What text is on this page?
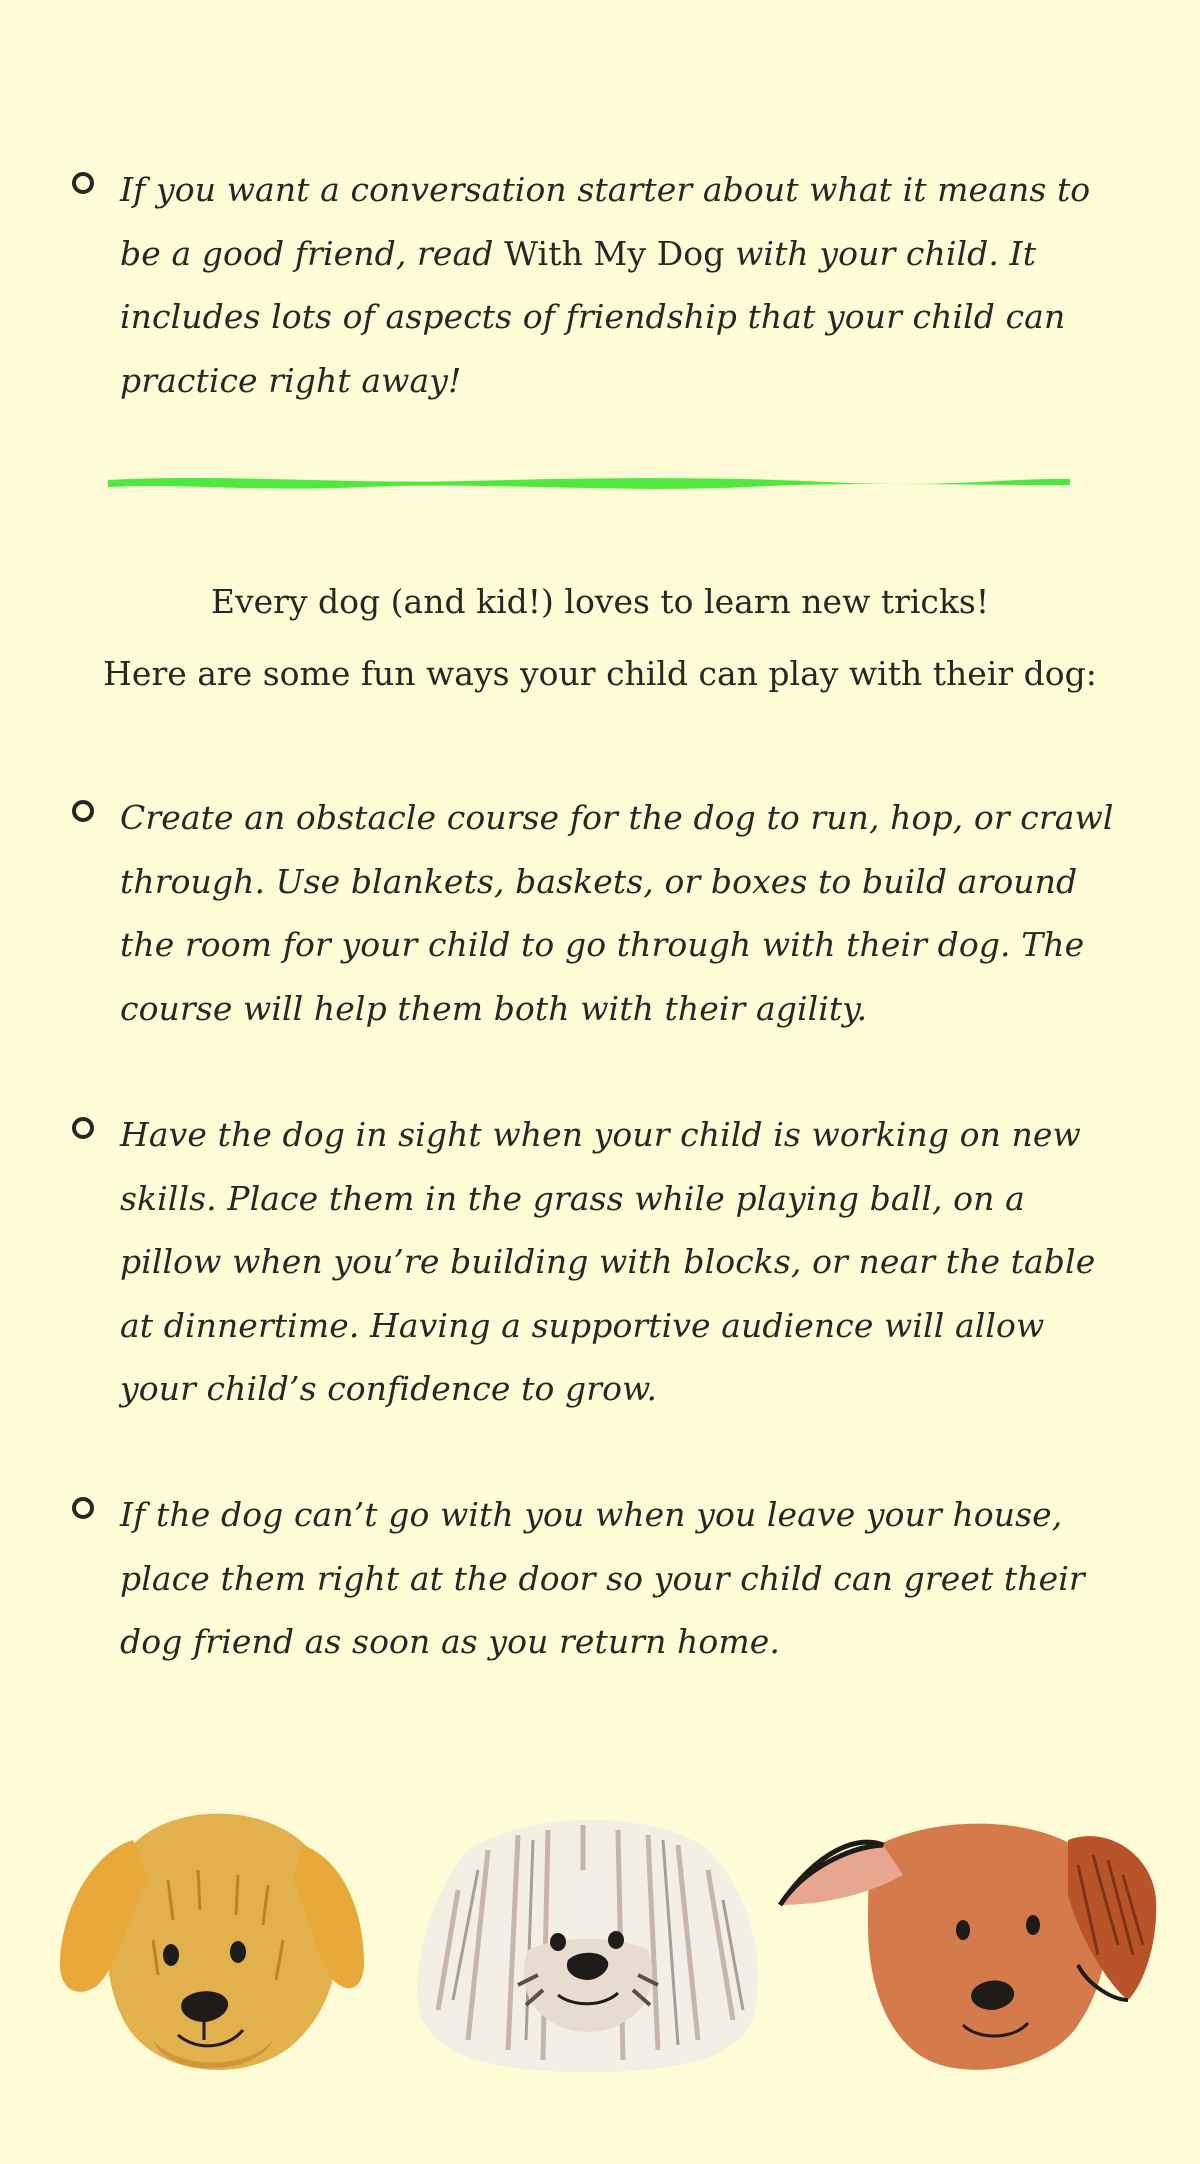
If you want a conversation starter about what it means to be a good friend, read With My Dog with your child. It includes lots of aspects of friendship that your child can practice right away!
Every dog (and kid!) loves to learn new tricks!
Here are some fun ways your child can play with their dog:
Create an obstacle course for the dog to run, hop, or crawl through. Use blankets, baskets, or boxes to build around the room for your child to go through with their dog. The course will help them both with their agility.
Have the dog in sight when your child is working on new skills. Place them in the grass while playing ball, on a pillow when you’re building with blocks, or near the table at dinnertime. Having a supportive audience will allow your child’s confidence to grow.
If the dog can’t go with you when you leave your house, place them right at the door so your child can greet their dog friend as soon as you return home.
